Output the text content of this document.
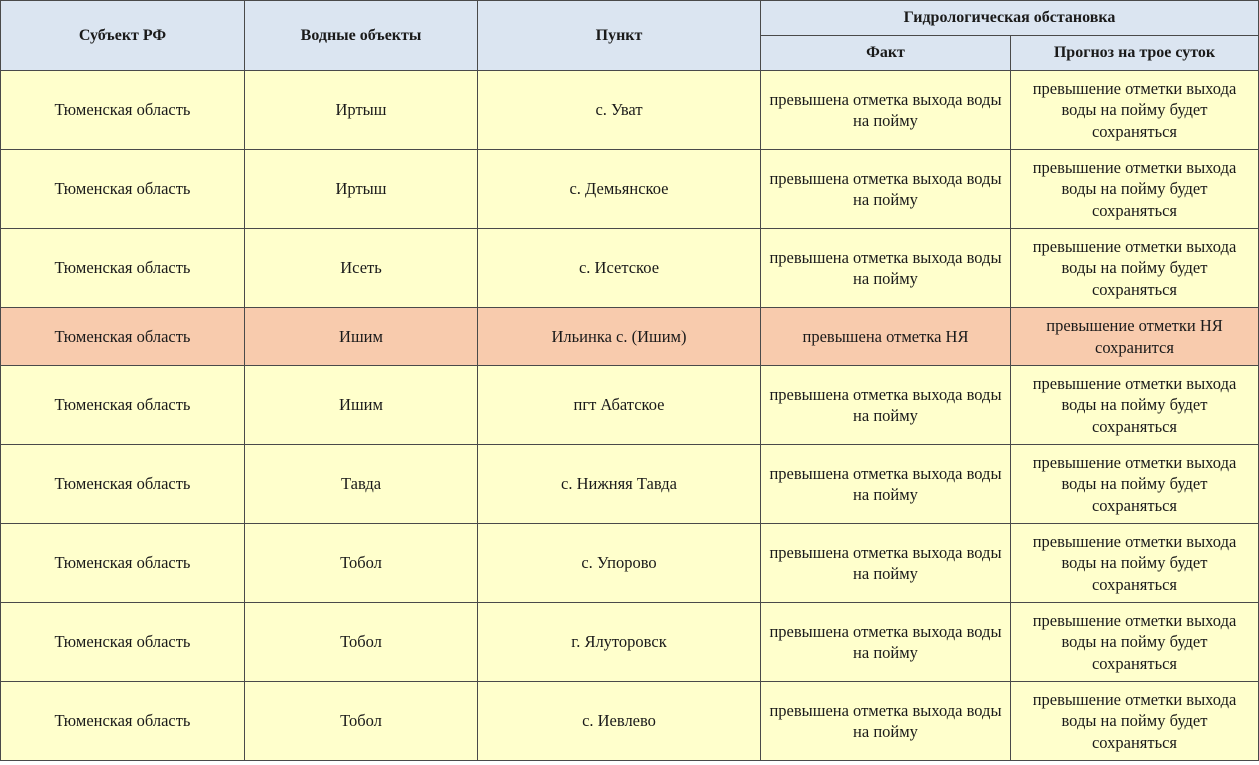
Субъект РФ	Водные объекты	Пункт	Гидрологическая обстановка	
			Факт	Прогноз на трое суток
Тюменская область	Иртыш	с. Уват	превышена отметка выхода воды на пойму	превышение отметки выхода воды на пойму будет сохраняться
Тюменская область	Иртыш	с. Демьянское	превышена отметка выхода воды на пойму	превышение отметки выхода воды на пойму будет сохраняться
Тюменская область	Исеть	с. Исетское	превышена отметка выхода воды на пойму	превышение отметки выхода воды на пойму будет сохраняться
Тюменская область	Ишим	Ильинка с. (Ишим)	превышена отметка НЯ	превышение отметки НЯ сохранится
Тюменская область	Ишим	пгт Абатское	превышена отметка выхода воды на пойму	превышение отметки выхода воды на пойму будет сохраняться
Тюменская область	Тавда	с. Нижняя Тавда	превышена отметка выхода воды на пойму	превышение отметки выхода воды на пойму будет сохраняться
Тюменская область	Тобол	с. Упорово	превышена отметка выхода воды на пойму	превышение отметки выхода воды на пойму будет сохраняться
Тюменская область	Тобол	г. Ялуторовск	превышена отметка выхода воды на пойму	превышение отметки выхода воды на пойму будет сохраняться
Тюменская область	Тобол	с. Иевлево	превышена отметка выхода воды на пойму	превышение отметки выхода воды на пойму будет сохраняться
